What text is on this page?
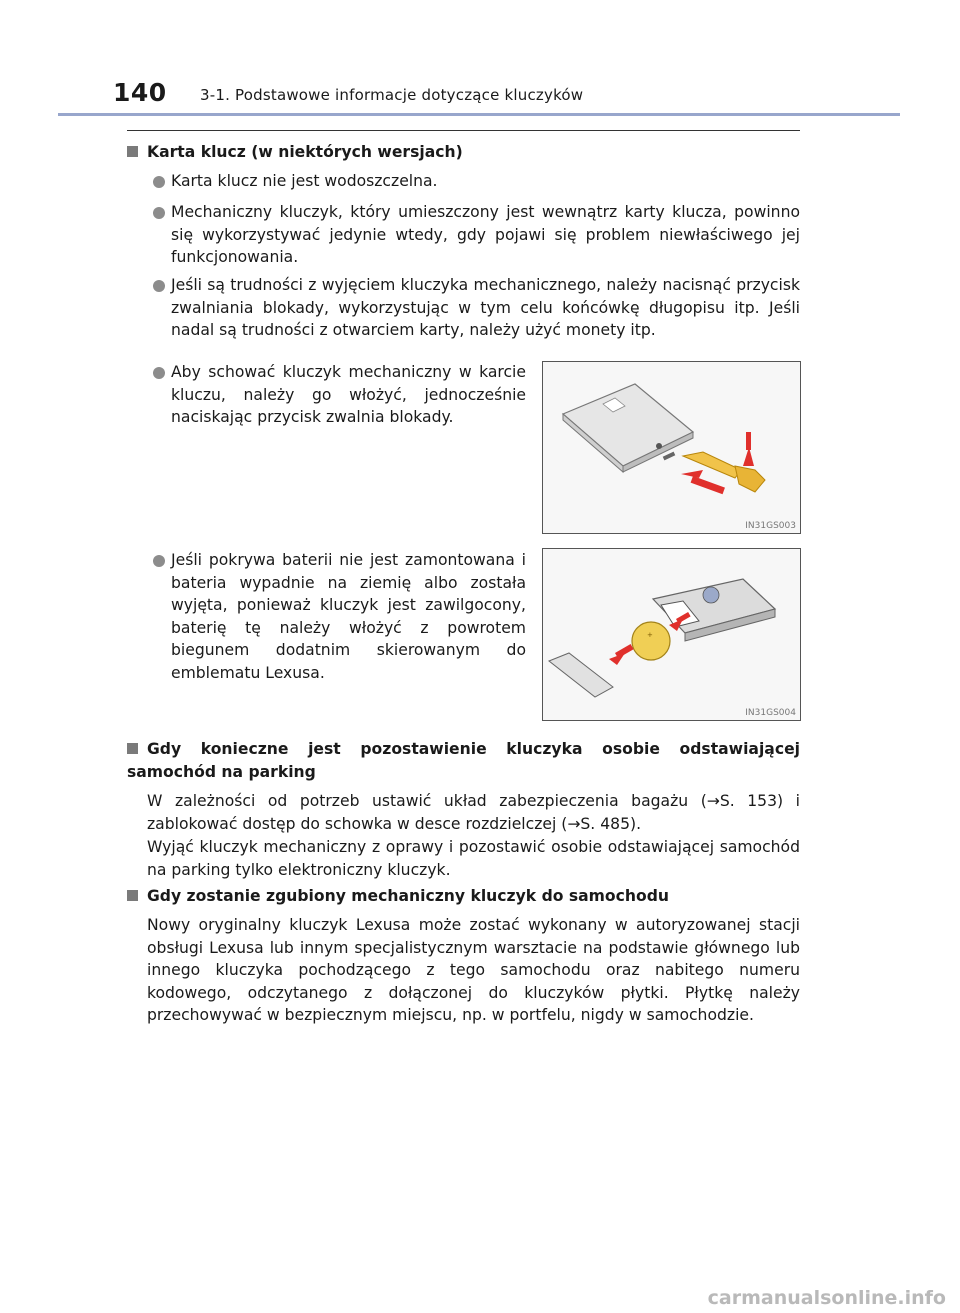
140 3-1. Podstawowe informacje dotyczące kluczyków
Karta klucz (w niektórych wersjach)
Karta klucz nie jest wodoszczelna.
Mechaniczny kluczyk, który umieszczony jest wewnątrz karty klucza, powinno się wykorzystywać jedynie wtedy, gdy pojawi się problem niewłaściwego jej funkcjonowania.
Jeśli są trudności z wyjęciem kluczyka mechanicznego, należy nacisnąć przycisk zwalniania blokady, wykorzystując w tym celu końcówkę długopisu itp. Jeśli nadal są trudności z otwarciem karty, należy użyć monety itp.
Aby schować kluczyk mechaniczny w karcie kluczu, należy go włożyć, jednocześnie naciskając przycisk zwalnia blokady.
IN31GS003
Jeśli pokrywa baterii nie jest zamontowana i bateria wypadnie na ziemię albo została wyjęta, ponieważ kluczyk jest zawilgocony, baterię tę należy włożyć z powrotem biegunem dodatnim skierowanym do emblematu Lexusa.
+
IN31GS004
Gdy konieczne jest pozostawienie kluczyka osobie odstawiającej samochód na parking
W zależności od potrzeb ustawić układ zabezpieczenia bagażu (→S. 153) i zablokować dostęp do schowka w desce rozdzielczej (→S. 485).
Wyjąć kluczyk mechaniczny z oprawy i pozostawić osobie odstawiającej samochód na parking tylko elektroniczny kluczyk.
Gdy zostanie zgubiony mechaniczny kluczyk do samochodu
Nowy oryginalny kluczyk Lexusa może zostać wykonany w autoryzowanej stacji obsługi Lexusa lub innym specjalistycznym warsztacie na podstawie głównego lub innego kluczyka pochodzącego z tego samochodu oraz nabitego numeru kodowego, odczytanego z dołączonej do kluczyków płytki. Płytkę należy przechowywać w bezpiecznym miejscu, np. w portfelu, nigdy w samochodzie.
carmanualsonline.info
